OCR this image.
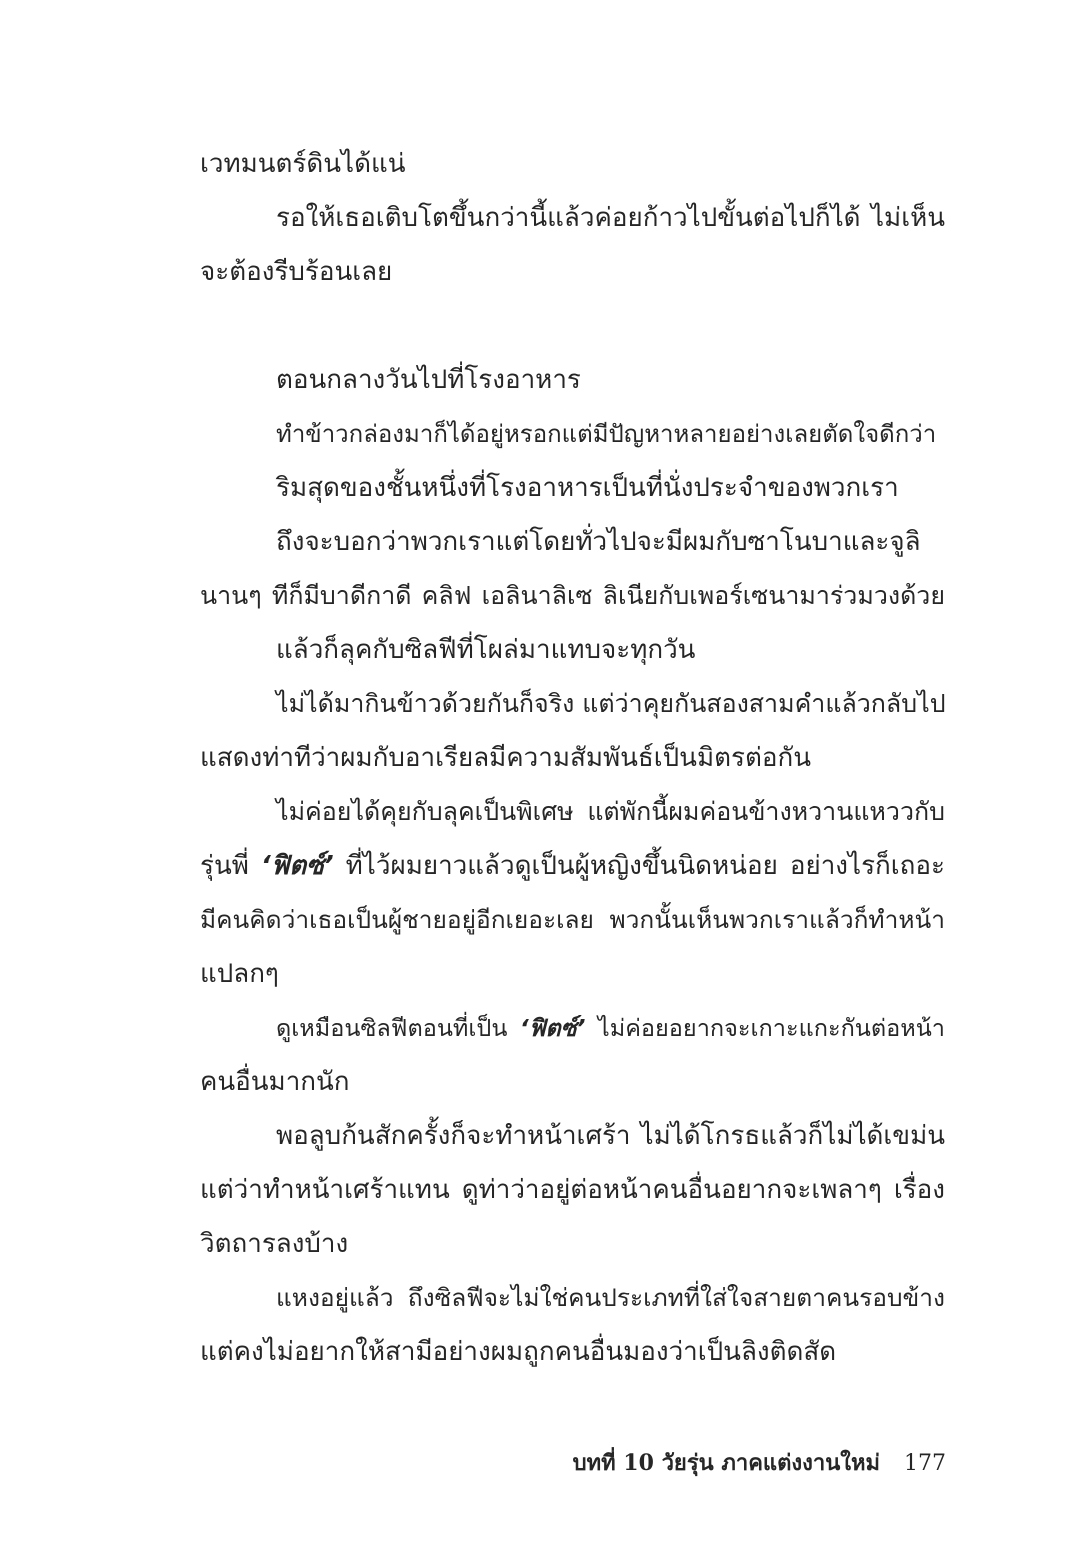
เวทมนตร์ดินได้แน่
รอให้เธอเติบโตขึ้นกว่านี้แล้วค่อยก้าวไปขั้นต่อไปก็ได้ ไม่เห็น
จะต้องรีบร้อนเลย
ตอนกลางวันไปที่โรงอาหาร
ทำข้าวกล่องมาก็ได้อยู่หรอกแต่มีปัญหาหลายอย่างเลยตัดใจดีกว่า
ริมสุดของชั้นหนึ่งที่โรงอาหารเป็นที่นั่งประจำของพวกเรา
ถึงจะบอกว่าพวกเราแต่โดยทั่วไปจะมีผมกับซาโนบาและจูลิ
นานๆ ทีก็มีบาดีกาดี คลิฟ เอลินาลิเซ ลิเนียกับเพอร์เซนามาร่วมวงด้วย
แล้วก็ลุคกับซิลฟีที่โผล่มาแทบจะทุกวัน
ไม่ได้มากินข้าวด้วยกันก็จริง แต่ว่าคุยกันสองสามคำแล้วกลับไป
แสดงท่าทีว่าผมกับอาเรียลมีความสัมพันธ์เป็นมิตรต่อกัน
ไม่ค่อยได้คุยกับลุคเป็นพิเศษ แต่พักนี้ผมค่อนข้างหวานแหววกับ
รุ่นพี่ ‘ฟิตซ์’ ที่ไว้ผมยาวแล้วดูเป็นผู้หญิงขึ้นนิดหน่อย อย่างไรก็เถอะ
มีคนคิดว่าเธอเป็นผู้ชายอยู่อีกเยอะเลย พวกนั้นเห็นพวกเราแล้วก็ทำหน้า
แปลกๆ
ดูเหมือนซิลฟีตอนที่เป็น ‘ฟิตซ์’ ไม่ค่อยอยากจะเกาะแกะกันต่อหน้า
คนอื่นมากนัก
พอลูบก้นสักครั้งก็จะทำหน้าเศร้า ไม่ได้โกรธแล้วก็ไม่ได้เขม่น
แต่ว่าทำหน้าเศร้าแทน ดูท่าว่าอยู่ต่อหน้าคนอื่นอยากจะเพลาๆ เรื่อง
วิตถารลงบ้าง
แหงอยู่แล้ว ถึงซิลฟีจะไม่ใช่คนประเภทที่ใส่ใจสายตาคนรอบข้าง
แต่คงไม่อยากให้สามีอย่างผมถูกคนอื่นมองว่าเป็นลิงติดสัด
บทที่ 10 วัยรุ่น ภาคแต่งงานใหม่ 177
